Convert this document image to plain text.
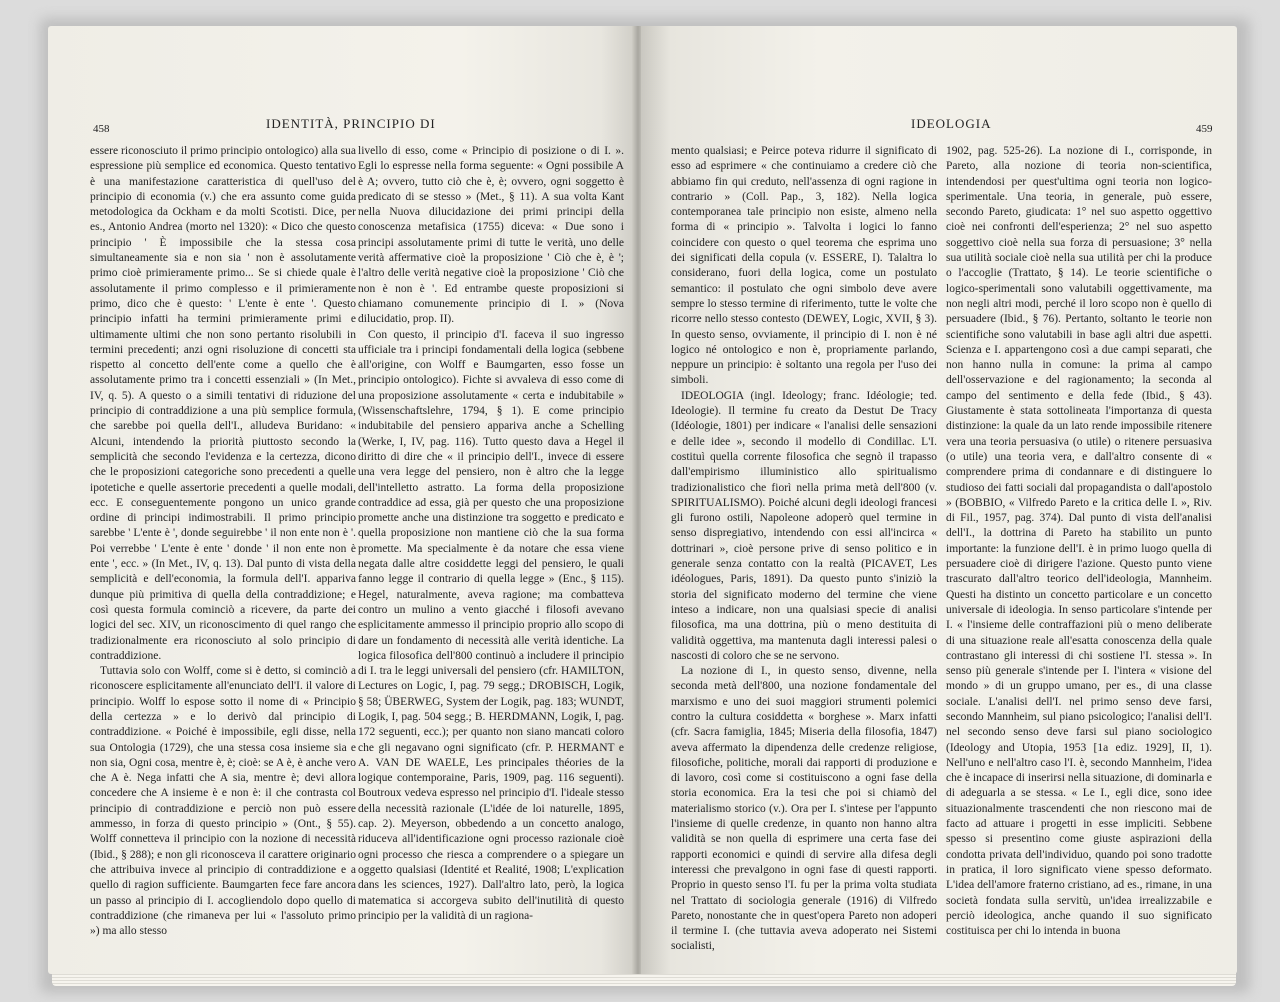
458	IDENTITÀ, PRINCIPIO DI

essere riconosciuto il primo principio ontologico) alla sua espressione più semplice ed economica. Questo tentativo è una manifestazione caratteristica di quell'uso del principio di economia (v.) che era assunto come guida metodologica da Ockham e da molti Scotisti. Dice, per es., Antonio Andrea (morto nel 1320): « Dico che questo principio ' È impossibile che la stessa cosa simultaneamente sia e non sia ' non è assolutamente primo cioè primieramente primo... Se si chiede quale è assolutamente il primo complesso e il primieramente primo, dico che è questo: ' L'ente è ente '. Questo principio infatti ha termini primieramente primi e ultimamente ultimi che non sono pertanto risolubili in termini precedenti; anzi ogni risoluzione di concetti sta rispetto al concetto dell'ente come a quello che è assolutamente primo tra i concetti essenziali » (In Met., IV, q. 5). A questo o a simili tentativi di riduzione del principio di contraddizione a una più semplice formula, che sarebbe poi quella dell'I., alludeva Buridano: « Alcuni, intendendo la priorità piuttosto secondo la semplicità che secondo l'evidenza e la certezza, dicono che le proposizioni categoriche sono precedenti a quelle ipotetiche e quelle assertorie precedenti a quelle modali, ecc. E conseguentemente pongono un unico grande ordine di principi indimostrabili. Il primo principio sarebbe ' L'ente è ', donde seguirebbe ' il non ente non è '. Poi verrebbe ' L'ente è ente ' donde ' il non ente non è ente ', ecc. » (In Met., IV, q. 13). Dal punto di vista della semplicità e dell'economia, la formula dell'I. appariva dunque più primitiva di quella della contraddizione; e così questa formula cominciò a ricevere, da parte dei logici del sec. XIV, un riconoscimento di quel rango che tradizionalmente era riconosciuto al solo principio di contraddizione.

Tuttavia solo con Wolff, come si è detto, si cominciò a riconoscere esplicitamente all'enunciato dell'I. il valore di principio. Wolff lo espose sotto il nome di « Principio della certezza » e lo derivò dal principio di contraddizione. « Poiché è impossibile, egli disse, nella sua Ontologia (1729), che una stessa cosa insieme sia e non sia, Ogni cosa, mentre è, è; cioè: se A è, è anche vero che A è. Nega infatti che A sia, mentre è; devi allora concedere che A insieme è e non è: il che contrasta col principio di contraddizione e perciò non può essere ammesso, in forza di questo principio » (Ont., § 55). Wolff connetteva il principio con la nozione di necessità (Ibid., § 288); e non gli riconosceva il carattere originario che attribuiva invece al principio di contraddizione e a quello di ragion sufficiente. Baumgarten fece fare ancora un passo al principio di I. accogliendolo dopo quello di contraddizione (che rimaneva per lui « l'assoluto primo ») ma allo stesso

livello di esso, come « Principio di posizione o di I. ». Egli lo espresse nella forma seguente: « Ogni possibile A è A; ovvero, tutto ciò che è, è; ovvero, ogni soggetto è predicato di se stesso » (Met., § 11). A sua volta Kant nella Nuova dilucidazione dei primi principi della conoscenza metafisica (1755) diceva: « Due sono i principi assolutamente primi di tutte le verità, uno delle verità affermative cioè la proposizione ' Ciò che è, è '; l'altro delle verità negative cioè la proposizione ' Ciò che non è non è '. Ed entrambe queste proposizioni si chiamano comunemente principio di I. » (Nova dilucidatio, prop. II).

Con questo, il principio d'I. faceva il suo ingresso ufficiale tra i principi fondamentali della logica (sebbene all'origine, con Wolff e Baumgarten, esso fosse un principio ontologico). Fichte si avvaleva di esso come di una proposizione assolutamente « certa e indubitabile » (Wissenschaftslehre, 1794, § 1). E come principio indubitabile del pensiero appariva anche a Schelling (Werke, I, IV, pag. 116). Tutto questo dava a Hegel il diritto di dire che « il principio dell'I., invece di essere una vera legge del pensiero, non è altro che la legge dell'intelletto astratto. La forma della proposizione contraddice ad essa, già per questo che una proposizione promette anche una distinzione tra soggetto e predicato e quella proposizione non mantiene ciò che la sua forma promette. Ma specialmente è da notare che essa viene negata dalle altre cosiddette leggi del pensiero, le quali fanno legge il contrario di quella legge » (Enc., § 115). Hegel, naturalmente, aveva ragione; ma combatteva contro un mulino a vento giacché i filosofi avevano esplicitamente ammesso il principio proprio allo scopo di dare un fondamento di necessità alle verità identiche. La logica filosofica dell'800 continuò a includere il principio di I. tra le leggi universali del pensiero (cfr. HAMILTON, Lectures on Logic, I, pag. 79 segg.; DROBISCH, Logik, § 58; ÜBERWEG, System der Logik, pag. 183; WUNDT, Logik, I, pag. 504 segg.; B. HERDMANN, Logik, I, pag. 172 seguenti, ecc.); per quanto non siano mancati coloro che gli negavano ogni significato (cfr. P. HERMANT e A. VAN DE WAELE, Les principales théories de la logique contemporaine, Paris, 1909, pag. 116 seguenti). Boutroux vedeva espresso nel principio d'I. l'ideale stesso della necessità razionale (L'idée de loi naturelle, 1895, cap. 2). Meyerson, obbedendo a un concetto analogo, riduceva all'identificazione ogni processo razionale cioè ogni processo che riesca a comprendere o a spiegare un oggetto qualsiasi (Identité et Realité, 1908; L'explication dans les sciences, 1927). Dall'altro lato, però, la logica matematica si accorgeva subito dell'inutilità di questo principio per la validità di un ragiona-

IDEOLOGIA	459

mento qualsiasi; e Peirce poteva ridurre il significato di esso ad esprimere « che continuiamo a credere ciò che abbiamo fin qui creduto, nell'assenza di ogni ragione in contrario » (Coll. Pap., 3, 182). Nella logica contemporanea tale principio non esiste, almeno nella forma di « principio ». Talvolta i logici lo fanno coincidere con questo o quel teorema che esprima uno dei significati della copula (v. ESSERE, I). Talaltra lo considerano, fuori della logica, come un postulato semantico: il postulato che ogni simbolo deve avere sempre lo stesso termine di riferimento, tutte le volte che ricorre nello stesso contesto (DEWEY, Logic, XVII, § 3). In questo senso, ovviamente, il principio di I. non è né logico né ontologico e non è, propriamente parlando, neppure un principio: è soltanto una regola per l'uso dei simboli.

IDEOLOGIA (ingl. Ideology; franc. Idéologie; ted. Ideologie). Il termine fu creato da Destut De Tracy (Idéologie, 1801) per indicare « l'analisi delle sensazioni e delle idee », secondo il modello di Condillac. L'I. costituì quella corrente filosofica che segnò il trapasso dall'empirismo illuministico allo spiritualismo tradizionalistico che fiorì nella prima metà dell'800 (v. SPIRITUALISMO). Poiché alcuni degli ideologi francesi gli furono ostili, Napoleone adoperò quel termine in senso dispregiativo, intendendo con essi all'incirca « dottrinari », cioè persone prive di senso politico e in generale senza contatto con la realtà (PICAVET, Les idéologues, Paris, 1891). Da questo punto s'iniziò la storia del significato moderno del termine che viene inteso a indicare, non una qualsiasi specie di analisi filosofica, ma una dottrina, più o meno destituita di validità oggettiva, ma mantenuta dagli interessi palesi o nascosti di coloro che se ne servono.

La nozione di I., in questo senso, divenne, nella seconda metà dell'800, una nozione fondamentale del marxismo e uno dei suoi maggiori strumenti polemici contro la cultura cosiddetta « borghese ». Marx infatti (cfr. Sacra famiglia, 1845; Miseria della filosofia, 1847) aveva affermato la dipendenza delle credenze religiose, filosofiche, politiche, morali dai rapporti di produzione e di lavoro, così come si costituiscono a ogni fase della storia economica. Era la tesi che poi si chiamò del materialismo storico (v.). Ora per I. s'intese per l'appunto l'insieme di quelle credenze, in quanto non hanno altra validità se non quella di esprimere una certa fase dei rapporti economici e quindi di servire alla difesa degli interessi che prevalgono in ogni fase di questi rapporti. Proprio in questo senso l'I. fu per la prima volta studiata nel Trattato di sociologia generale (1916) di Vilfredo Pareto, nonostante che in quest'opera Pareto non adoperi il termine I. (che tuttavia aveva adoperato nei Sistemi socialisti,

1902, pag. 525-26). La nozione di I., corrisponde, in Pareto, alla nozione di teoria non-scientifica, intendendosi per quest'ultima ogni teoria non logico-sperimentale. Una teoria, in generale, può essere, secondo Pareto, giudicata: 1° nel suo aspetto oggettivo cioè nei confronti dell'esperienza; 2° nel suo aspetto soggettivo cioè nella sua forza di persuasione; 3° nella sua utilità sociale cioè nella sua utilità per chi la produce o l'accoglie (Trattato, § 14). Le teorie scientifiche o logico-sperimentali sono valutabili oggettivamente, ma non negli altri modi, perché il loro scopo non è quello di persuadere (Ibid., § 76). Pertanto, soltanto le teorie non scientifiche sono valutabili in base agli altri due aspetti. Scienza e I. appartengono così a due campi separati, che non hanno nulla in comune: la prima al campo dell'osservazione e del ragionamento; la seconda al campo del sentimento e della fede (Ibid., § 43). Giustamente è stata sottolineata l'importanza di questa distinzione: la quale da un lato rende impossibile ritenere vera una teoria persuasiva (o utile) o ritenere persuasiva (o utile) una teoria vera, e dall'altro consente di « comprendere prima di condannare e di distinguere lo studioso dei fatti sociali dal propagandista o dall'apostolo » (BOBBIO, « Vilfredo Pareto e la critica delle I. », Riv. di Fil., 1957, pag. 374). Dal punto di vista dell'analisi dell'I., la dottrina di Pareto ha stabilito un punto importante: la funzione dell'I. è in primo luogo quella di persuadere cioè di dirigere l'azione. Questo punto viene trascurato dall'altro teorico dell'ideologia, Mannheim. Questi ha distinto un concetto particolare e un concetto universale di ideologia. In senso particolare s'intende per I. « l'insieme delle contraffazioni più o meno deliberate di una situazione reale all'esatta conoscenza della quale contrastano gli interessi di chi sostiene l'I. stessa ». In senso più generale s'intende per I. l'intera « visione del mondo » di un gruppo umano, per es., di una classe sociale. L'analisi dell'I. nel primo senso deve farsi, secondo Mannheim, sul piano psicologico; l'analisi dell'I. nel secondo senso deve farsi sul piano sociologico (Ideology and Utopia, 1953 [1a ediz. 1929], II, 1). Nell'uno e nell'altro caso l'I. è, secondo Mannheim, l'idea che è incapace di inserirsi nella situazione, di dominarla e di adeguarla a se stessa. « Le I., egli dice, sono idee situazionalmente trascendenti che non riescono mai de facto ad attuare i progetti in esse impliciti. Sebbene spesso si presentino come giuste aspirazioni della condotta privata dell'individuo, quando poi sono tradotte in pratica, il loro significato viene spesso deformato. L'idea dell'amore fraterno cristiano, ad es., rimane, in una società fondata sulla servitù, un'idea irrealizzabile e perciò ideologica, anche quando il suo significato costituisca per chi lo intenda in buona
